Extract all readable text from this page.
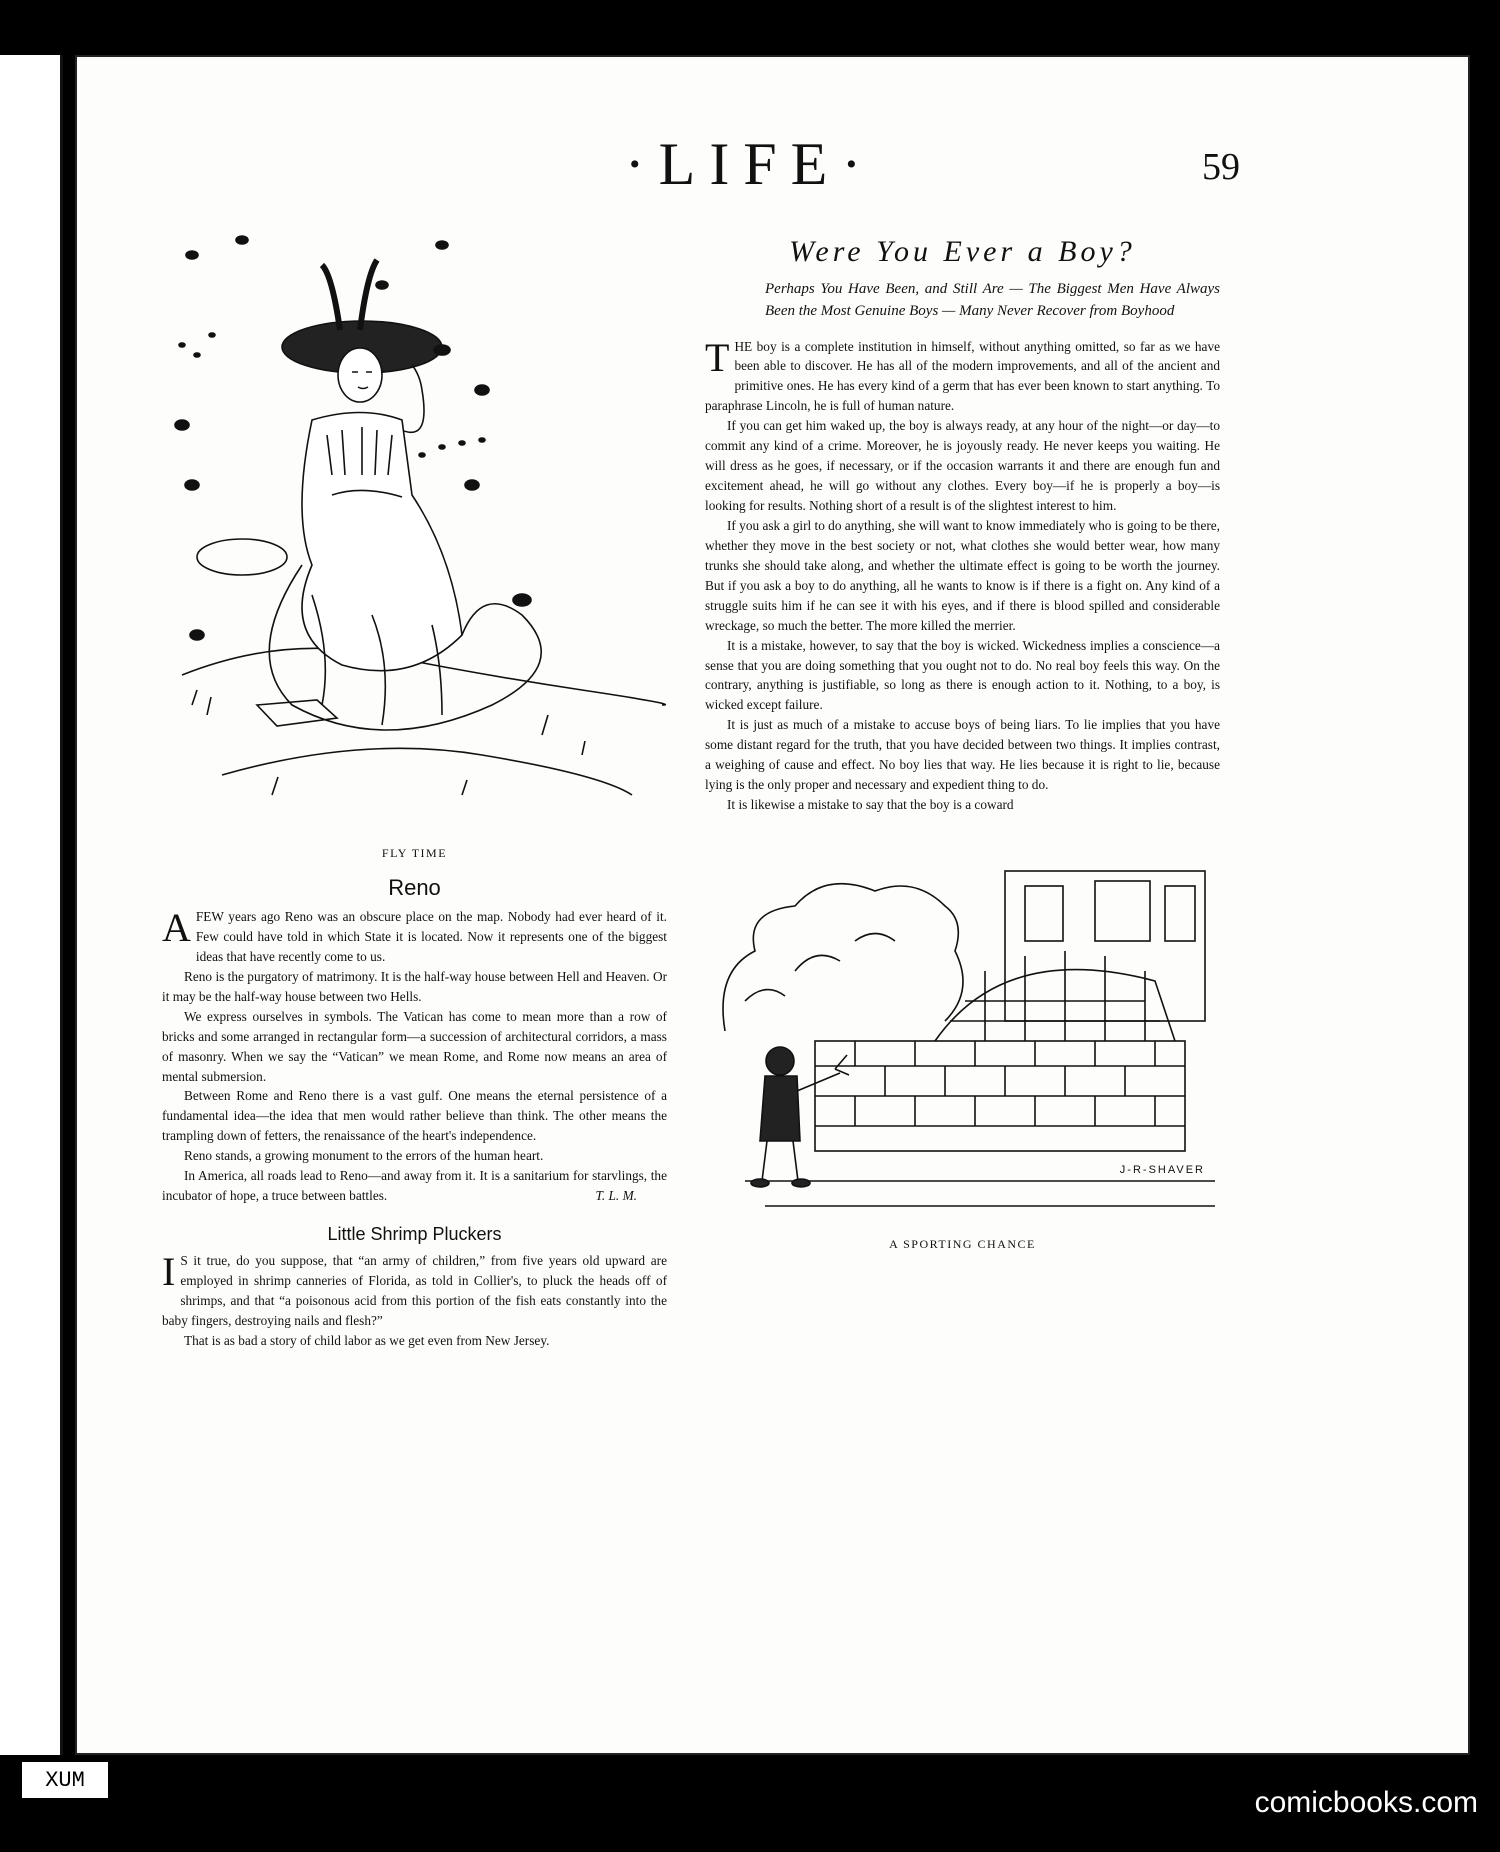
·LIFE·	59
FLY TIME
Reno

AFEW years ago Reno was an obscure place on the map. Nobody had ever heard of it. Few could have told in which State it is located. Now it represents one of the biggest ideas that have recently come to us.

Reno is the purgatory of matrimony. It is the half-way house between Hell and Heaven. Or it may be the half-way house between two Hells.

We express ourselves in symbols. The Vatican has come to mean more than a row of bricks and some arranged in rectangular form—a succession of architectural corridors, a mass of masonry. When we say the “Vatican” we mean Rome, and Rome now means an area of mental submersion.

Between Rome and Reno there is a vast gulf. One means the eternal persistence of a fundamental idea—the idea that men would rather believe than think. The other means the trampling down of fetters, the renaissance of the heart's independence.

Reno stands, a growing monument to the errors of the human heart.

In America, all roads lead to Reno—and away from it. It is a sanitarium for starvlings, the incubator of hope, a truce between battles.	T. L. M.

Little Shrimp Pluckers

I S it true, do you suppose, that “an army of children,” from five years old upward are employed in shrimp canneries of Florida, as told in Collier's, to pluck the heads off of shrimps, and that “a poisonous acid from this portion of the fish eats constantly into the baby fingers, destroying nails and flesh?”

That is as bad a story of child labor as we get even from New Jersey.

Were You Ever a Boy?
Perhaps You Have Been, and Still Are — The Biggest Men Have Always Been the Most Genuine Boys — Many Never Recover from Boyhood

THE boy is a complete institution in himself, without anything omitted, so far as we have been able to discover. He has all of the modern improvements, and all of the ancient and primitive ones. He has every kind of a germ that has ever been known to start anything. To paraphrase Lincoln, he is full of human nature.

If you can get him waked up, the boy is always ready, at any hour of the night—or day—to commit any kind of a crime. Moreover, he is joyously ready. He never keeps you waiting. He will dress as he goes, if necessary, or if the occasion warrants it and there are enough fun and excitement ahead, he will go without any clothes. Every boy—if he is properly a boy—is looking for results. Nothing short of a result is of the slightest interest to him.

If you ask a girl to do anything, she will want to know immediately who is going to be there, whether they move in the best society or not, what clothes she would better wear, how many trunks she should take along, and whether the ultimate effect is going to be worth the journey. But if you ask a boy to do anything, all he wants to know is if there is a fight on. Any kind of a struggle suits him if he can see it with his eyes, and if there is blood spilled and considerable wreckage, so much the better. The more killed the merrier.

It is a mistake, however, to say that the boy is wicked. Wickedness implies a conscience—a sense that you are doing something that you ought not to do. No real boy feels this way. On the contrary, anything is justifiable, so long as there is enough action to it. Nothing, to a boy, is wicked except failure.

It is just as much of a mistake to accuse boys of being liars. To lie implies that you have some distant regard for the truth, that you have decided between two things. It implies contrast, a weighing of cause and effect. No boy lies that way. He lies because it is right to lie, because lying is the only proper and necessary and expedient thing to do.

It is likewise a mistake to say that the boy is a coward

J-R-SHAVER
A SPORTING CHANCE
XUM
comicbooks.com
